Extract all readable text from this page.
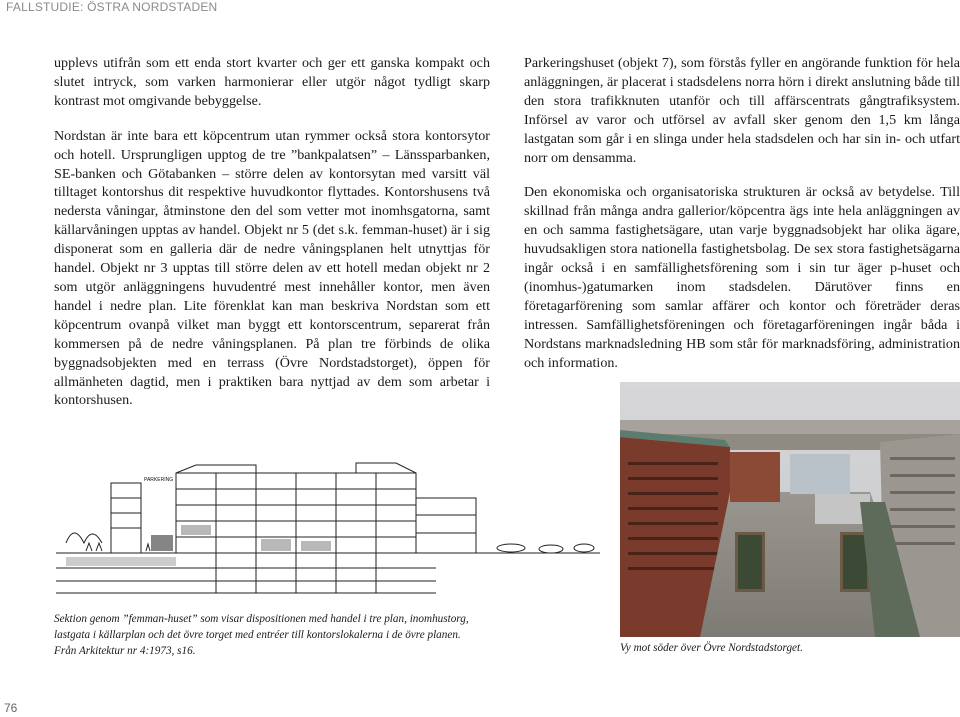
FALLSTUDIE: ÖSTRA NORDSTADEN

upplevs utifrån som ett enda stort kvarter och ger ett ganska kompakt och slutet intryck, som varken harmonierar eller utgör något tydligt skarp kontrast mot omgivande bebyggelse.

Nordstan är inte bara ett köpcentrum utan rymmer också stora kontorsytor och hotell. Ursprungligen upptog de tre ”bankpalatsen” – Länssparbanken, SE-banken och Götabanken – större delen av kontorsytan med varsitt väl tilltaget kontorshus dit respektive huvudkontor flyttades. Kontorshusens två nedersta våningar, åtminstone den del som vetter mot inomhsgatorna, samt källarvåningen upptas av handel. Objekt nr 5 (det s.k. femman-huset) är i sig disponerat som en galleria där de nedre våningsplanen helt utnyttjas för handel. Objekt nr 3 upptas till större delen av ett hotell medan objekt nr 2 som utgör anläggningens huvudentré mest innehåller kontor, men även handel i nedre plan. Lite förenklat kan man beskriva Nordstan som ett köpcentrum ovanpå vilket man byggt ett kontorscentrum, separerat från kommersen på de nedre våningsplanen. På plan tre förbinds de olika byggnadsobjekten med en terrass (Övre Nordstadstorget), öppen för allmänheten dagtid, men i praktiken bara nyttjad av dem som arbetar i kontorshusen.

Parkeringshuset (objekt 7), som förstås fyller en angörande funktion för hela anläggningen, är placerat i stadsdelens norra hörn i direkt anslutning både till den stora trafikknuten utanför och till affärscentrats gångtrafiksystem. Införsel av varor och utförsel av avfall sker genom den 1,5 km långa lastgatan som går i en slinga under hela stadsdelen och har sin in- och utfart norr om densamma.

Den ekonomiska och organisatoriska strukturen är också av betydelse. Till skillnad från många andra gallerior/köpcentra ägs inte hela anläggningen av en och samma fastighetsägare, utan varje byggnadsobjekt har olika ägare, huvudsakligen stora nationella fastighetsbolag. De sex stora fastighetsägarna ingår också i en samfällighetsförening som i sin tur äger p-huset och (inomhus-)gatumarken inom stadsdelen. Därutöver finns en företagarförening som samlar affärer och kontor och företräder deras intressen. Samfällighetsföreningen och företagarföreningen ingår båda i Nordstans marknadsledning HB som står för marknadsföring, administration och information.

PARKERING
Sektion genom ”femman-huset” som visar dispositionen med handel i tre plan, inomhustorg, lastgata i källarplan och det övre torget med entréer till kontorslokalerna i de övre planen. Från Arkitektur nr 4:1973, s16.	Vy mot söder över Övre Nordstadstorget.
76
